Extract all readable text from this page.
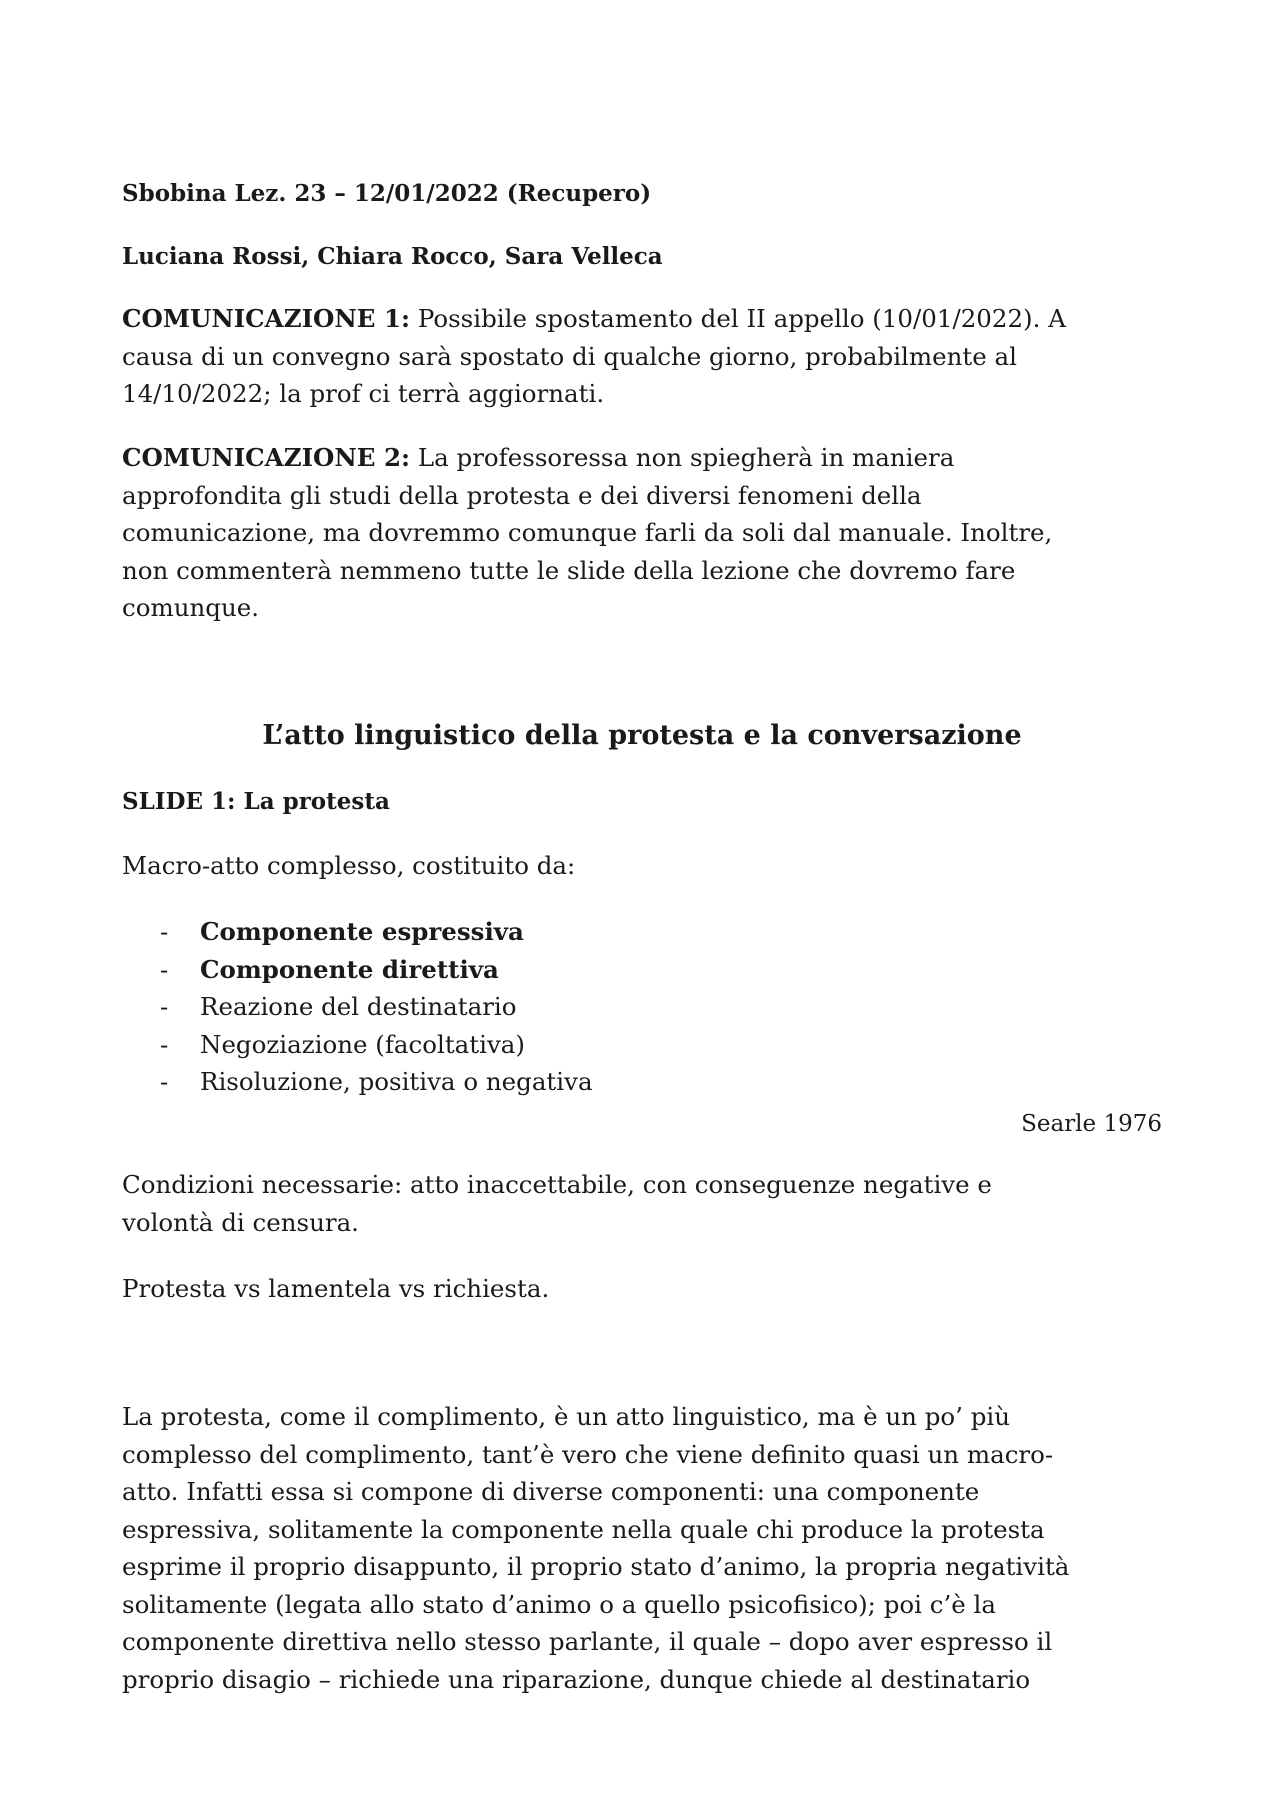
Sbobina Lez. 23 – 12/01/2022 (Recupero)

Luciana Rossi, Chiara Rocco, Sara Velleca

COMUNICAZIONE 1: Possibile spostamento del II appello (10/01/2022). A

causa di un convegno sarà spostato di qualche giorno, probabilmente al

14/10/2022; la prof ci terrà aggiornati.

COMUNICAZIONE 2: La professoressa non spiegherà in maniera

approfondita gli studi della protesta e dei diversi fenomeni della

comunicazione, ma dovremmo comunque farli da soli dal manuale. Inoltre,

non commenterà nemmeno tutte le slide della lezione che dovremo fare

comunque.

L’atto linguistico della protesta e la conversazione

SLIDE 1: La protesta

Macro-atto complesso, costituito da:

- Componente espressiva
- Componente direttiva
- Reazione del destinatario
- Negoziazione (facoltativa)
- Risoluzione, positiva o negativa

Searle 1976

Condizioni necessarie: atto inaccettabile, con conseguenze negative e

volontà di censura.

Protesta vs lamentela vs richiesta.

La protesta, come il complimento, è un atto linguistico, ma è un po’ più

complesso del complimento, tant’è vero che viene definito quasi un macro-

atto. Infatti essa si compone di diverse componenti: una componente

espressiva, solitamente la componente nella quale chi produce la protesta

esprime il proprio disappunto, il proprio stato d’animo, la propria negatività

solitamente (legata allo stato d’animo o a quello psicofisico); poi c’è la

componente direttiva nello stesso parlante, il quale – dopo aver espresso il

proprio disagio – richiede una riparazione, dunque chiede al destinatario
